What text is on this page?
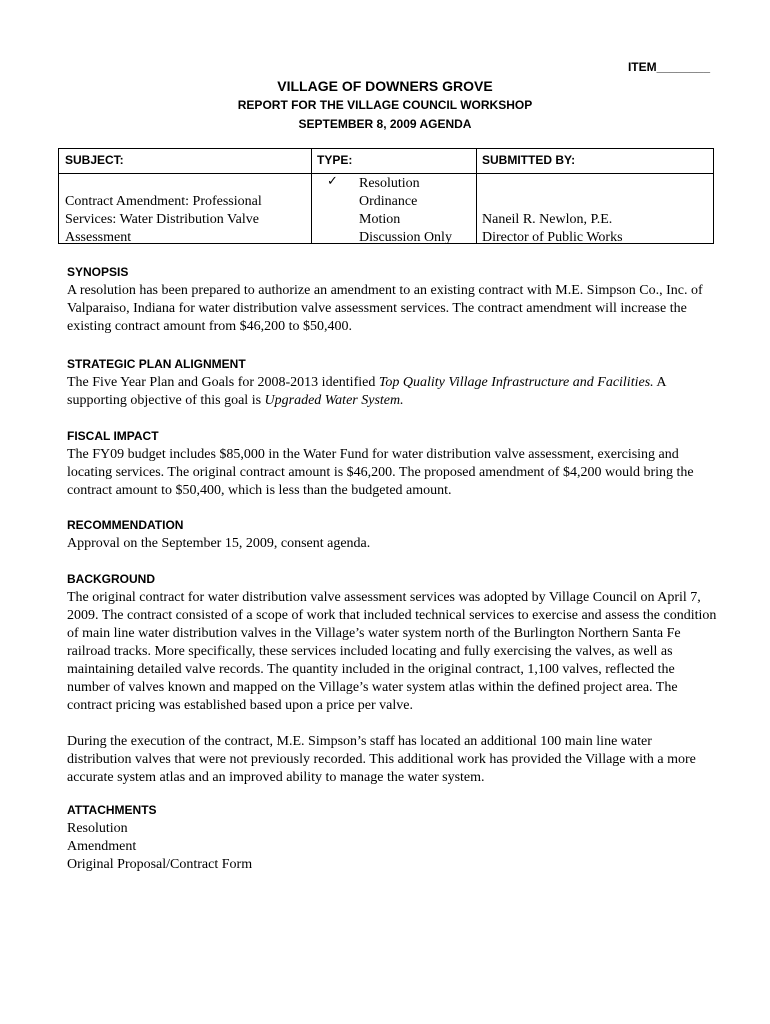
ITEM________
VILLAGE OF DOWNERS GROVE
REPORT FOR THE VILLAGE COUNCIL WORKSHOP
SEPTEMBER 8, 2009 AGENDA
SUBJECT:
Contract Amendment: Professional
Services: Water Distribution Valve
Assessment
TYPE:
✓ Resolution
Ordinance
Motion
Discussion Only
SUBMITTED BY:
Naneil R. Newlon, P.E.
Director of Public Works
SYNOPSIS

A resolution has been prepared to authorize an amendment to an existing contract with M.E. Simpson Co., Inc. of Valparaiso, Indiana for water distribution valve assessment services. The contract amendment will increase the existing contract amount from $46,200 to $50,400.

STRATEGIC PLAN ALIGNMENT

The Five Year Plan and Goals for 2008-2013 identified Top Quality Village Infrastructure and Facilities. A supporting objective of this goal is Upgraded Water System.

FISCAL IMPACT

The FY09 budget includes $85,000 in the Water Fund for water distribution valve assessment, exercising and locating services. The original contract amount is $46,200. The proposed amendment of $4,200 would bring the contract amount to $50,400, which is less than the budgeted amount.

RECOMMENDATION

Approval on the September 15, 2009, consent agenda.

BACKGROUND

The original contract for water distribution valve assessment services was adopted by Village Council on April 7, 2009. The contract consisted of a scope of work that included technical services to exercise and assess the condition of main line water distribution valves in the Village’s water system north of the Burlington Northern Santa Fe railroad tracks. More specifically, these services included locating and fully exercising the valves, as well as maintaining detailed valve records. The quantity included in the original contract, 1,100 valves, reflected the number of valves known and mapped on the Village’s water system atlas within the defined project area. The contract pricing was established based upon a price per valve.

During the execution of the contract, M.E. Simpson’s staff has located an additional 100 main line water distribution valves that were not previously recorded. This additional work has provided the Village with a more accurate system atlas and an improved ability to manage the water system.

ATTACHMENTS
Resolution
Amendment
Original Proposal/Contract Form
